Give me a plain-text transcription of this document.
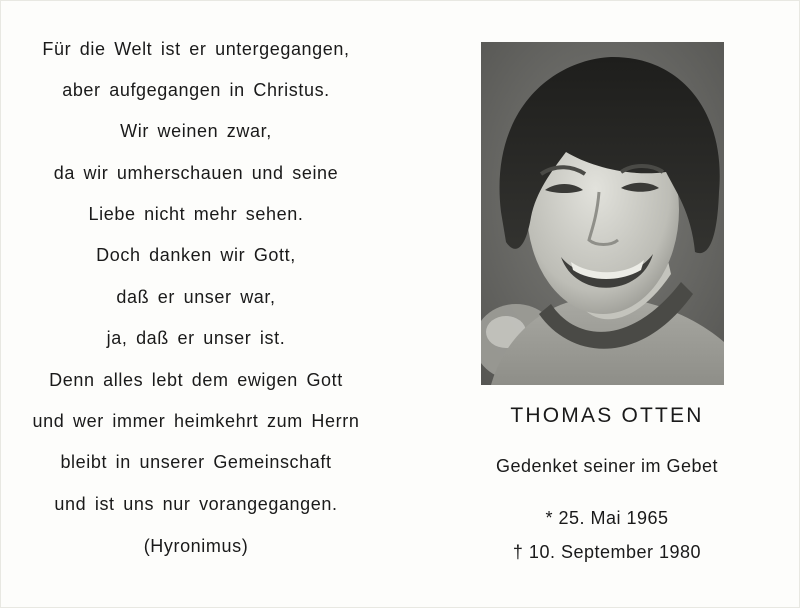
Für die Welt ist er untergegangen,
aber aufgegangen in Christus.
Wir weinen zwar,
da wir umherschauen und seine
Liebe nicht mehr sehen.
Doch danken wir Gott,
daß er unser war,
ja, daß er unser ist.
Denn alles lebt dem ewigen Gott
und wer immer heimkehrt zum Herrn
bleibt in unserer Gemeinschaft
und ist uns nur vorangegangen.
(Hyronimus)
THOMAS OTTEN
Gedenket seiner im Gebet
* 25. Mai 1965
† 10. September 1980
